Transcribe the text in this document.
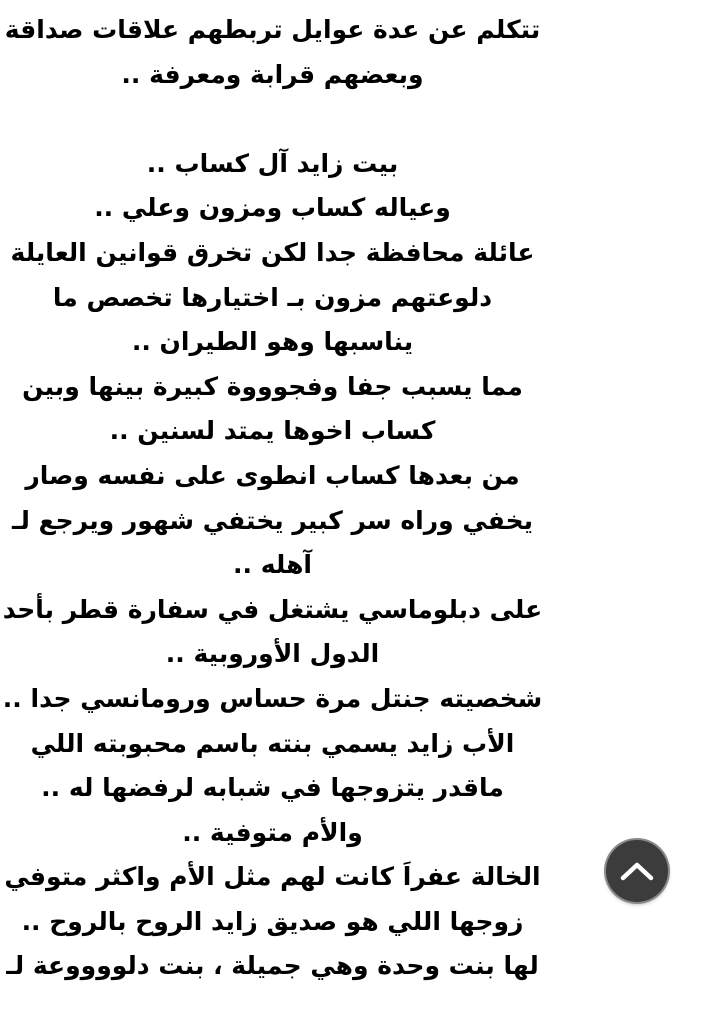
تتكلم عن عدة عوايل تربطهم علاقات صداقة
وبعضهم قرابة ومعرفة ..
بيت زايد آل كساب ..
وعياله كساب ومزون وعلي ..
عائلة محافظة جدا لكن تخرق قوانين العايلة
دلوعتهم مزون بـ اختيارها تخصص ما
يناسبها وهو الطيران ..
مما يسبب جفا وفجوووة كبيرة بينها وبين
كساب اخوها يمتد لسنين ..
من بعدها كساب انطوى على نفسه وصار
يخفي وراه سر كبير يختفي شهور ويرجع لـ
آهله ..
على دبلوماسي يشتغل في سفارة قطر بأحد
الدول الأوروبية ..
شخصيته جنتل مرة حساس ورومانسي جدا ..
الأب زايد يسمي بنته باسم محبوبته اللي
ماقدر يتزوجها في شبابه لرفضها له ..
والأم متوفية ..
الخالة عفراَ كانت لهم مثل الأم واكثر متوفي
زوجها اللي هو صديق زايد الروح بالروح ..
لها بنت وحدة وهي جميلة ، بنت دلووووعة لـ
